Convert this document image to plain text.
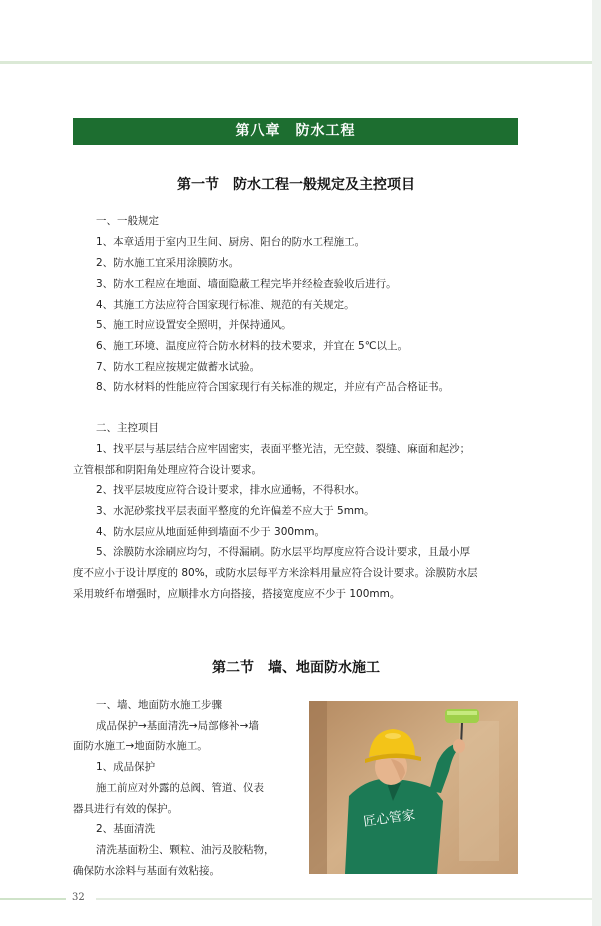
第八章　防水工程
第一节　防水工程一般规定及主控项目
一、一般规定
1、本章适用于室内卫生间、厨房、阳台的防水工程施工。
2、防水施工宜采用涂膜防水。
3、防水工程应在地面、墙面隐蔽工程完毕并经检查验收后进行。
4、其施工方法应符合国家现行标准、规范的有关规定。
5、施工时应设置安全照明，并保持通风。
6、施工环境、温度应符合防水材料的技术要求，并宜在 5℃以上。
7、防水工程应按规定做蓄水试验。
8、防水材料的性能应符合国家现行有关标准的规定，并应有产品合格证书。
二、主控项目
1、找平层与基层结合应牢固密实，表面平整光洁，无空鼓、裂缝、麻面和起沙；
立管根部和阴阳角处理应符合设计要求。
2、找平层坡度应符合设计要求，排水应通畅，不得积水。
3、水泥砂浆找平层表面平整度的允许偏差不应大于 5mm。
4、防水层应从地面延伸到墙面不少于 300mm。
5、涂膜防水涂刷应均匀，不得漏刷。防水层平均厚度应符合设计要求，且最小厚
度不应小于设计厚度的 80%，或防水层每平方米涂料用量应符合设计要求。涂膜防水层
采用玻纤布增强时，应顺排水方向搭接，搭接宽度应不少于 100mm。
第二节　墙、地面防水施工
一、墙、地面防水施工步骤
成品保护→基面清洗→局部修补→墙
面防水施工→地面防水施工。
1、成品保护
施工前应对外露的总阀、管道、仪表
器具进行有效的保护。
2、基面清洗
清洗基面粉尘、颗粒、油污及胶粘物，
确保防水涂料与基面有效粘接。
匠心管家
32
